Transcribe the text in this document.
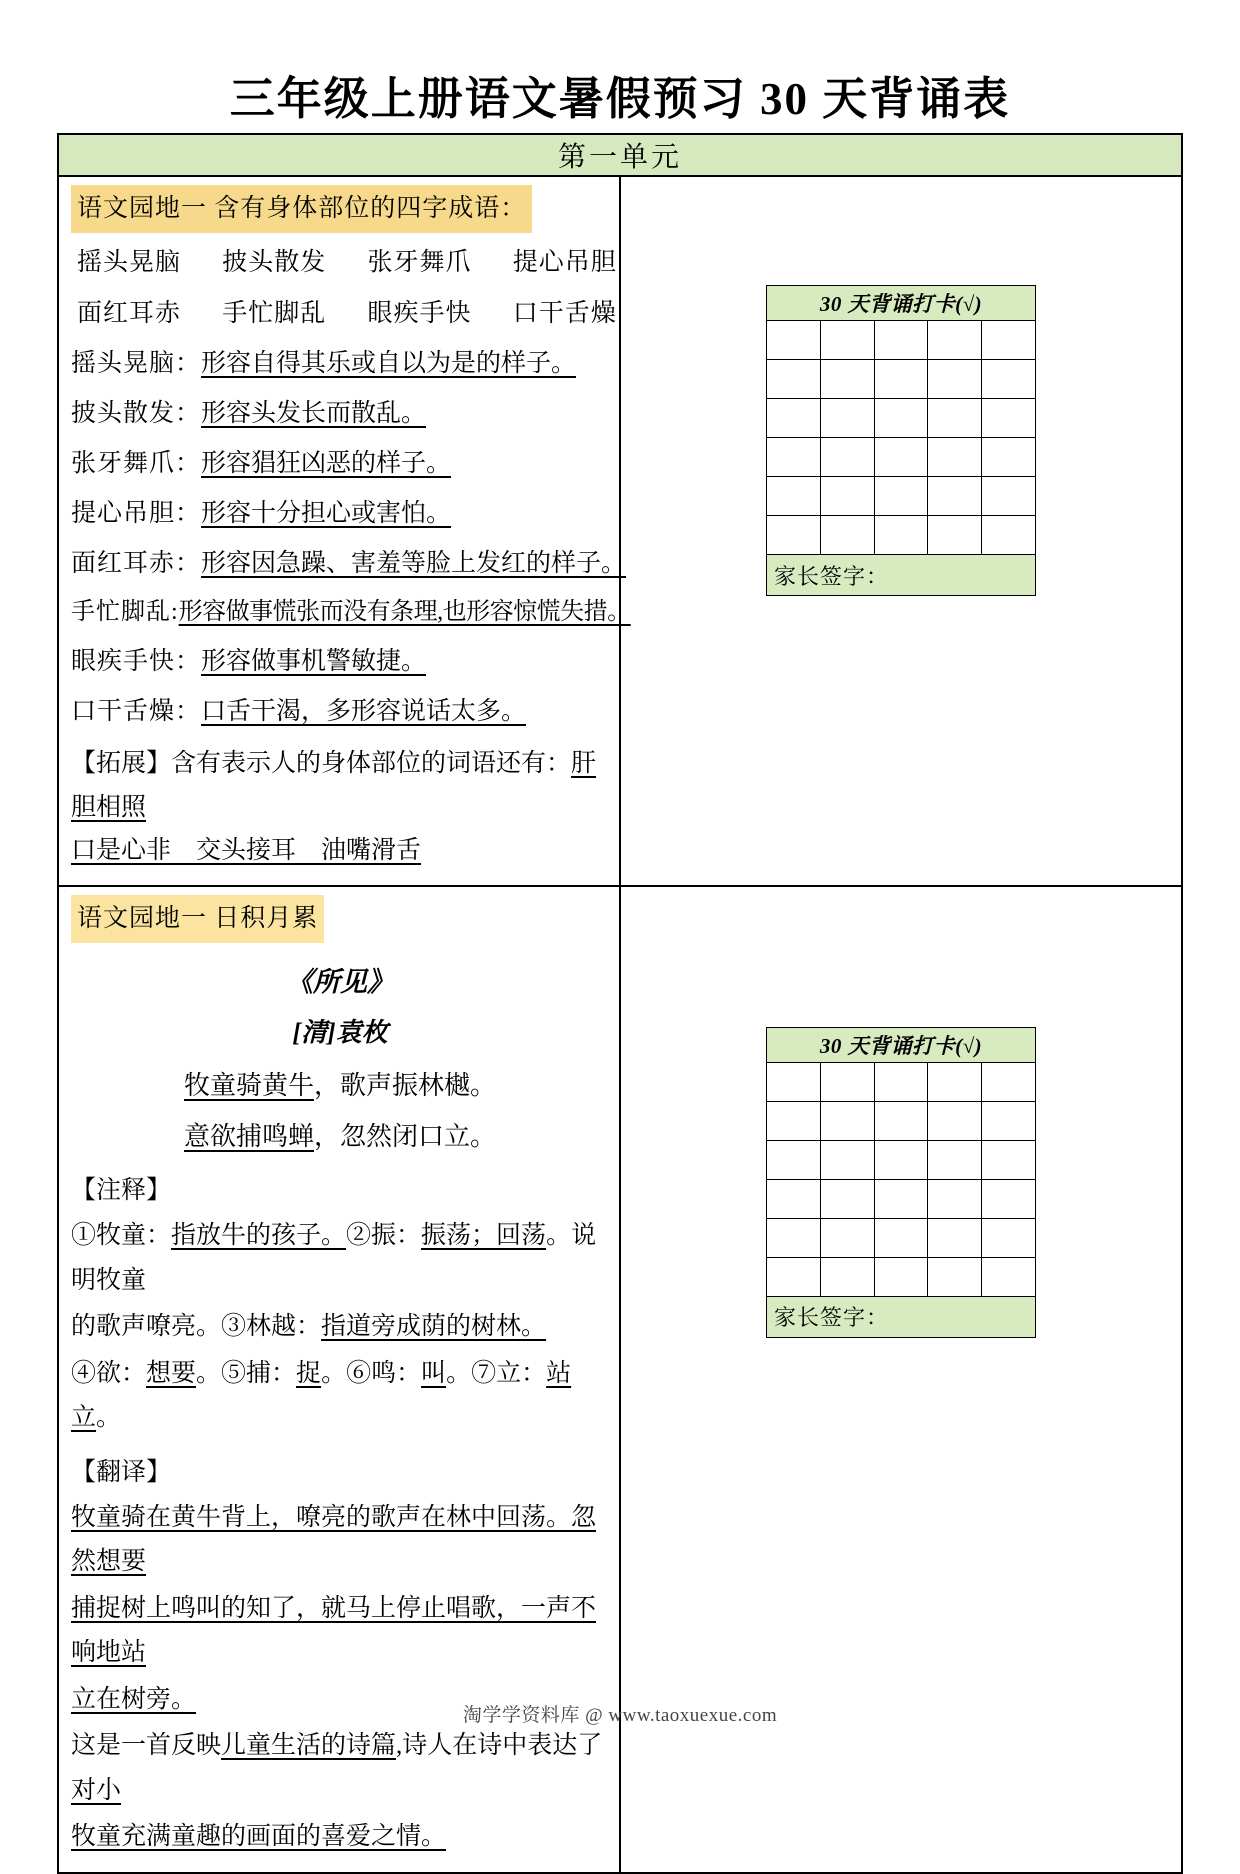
三年级上册语文暑假预习 30 天背诵表
第一单元

语文园地一 含有身体部位的四字成语：
摇头晃脑 披头散发 张牙舞爪 提心吊胆
面红耳赤 手忙脚乱 眼疾手快 口干舌燥
摇头晃脑：形容自得其乐或自以为是的样子。
披头散发：形容头发长而散乱。
张牙舞爪：形容猖狂凶恶的样子。
提心吊胆：形容十分担心或害怕。
面红耳赤：形容因急躁、害羞等脸上发红的样子。
手忙脚乱:形容做事慌张而没有条理,也形容惊慌失措。
眼疾手快：形容做事机警敏捷。
口干舌燥：口舌干渴，多形容说话太多。
【拓展】含有表示人的身体部位的词语还有：肝胆相照
口是心非　交头接耳　油嘴滑舌

30 天背诵打卡(√)

家长签字：

语文园地一 日积月累
《所见》
[清]袁枚
牧童骑黄牛，歌声振林樾。
意欲捕鸣蝉，忽然闭口立。
【注释】
①牧童：指放牛的孩子。②振：振荡；回荡。说明牧童
的歌声嘹亮。③林越：指道旁成荫的树林。
④欲：想要。⑤捕：捉。⑥鸣：叫。⑦立：站立。
【翻译】
牧童骑在黄牛背上，嘹亮的歌声在林中回荡。忽然想要
捕捉树上鸣叫的知了，就马上停止唱歌，一声不响地站
立在树旁。
这是一首反映儿童生活的诗篇,诗人在诗中表达了对小
牧童充满童趣的画面的喜爱之情。

30 天背诵打卡(√)

家长签字：
淘学学资料库 @ www.taoxuexue.com
